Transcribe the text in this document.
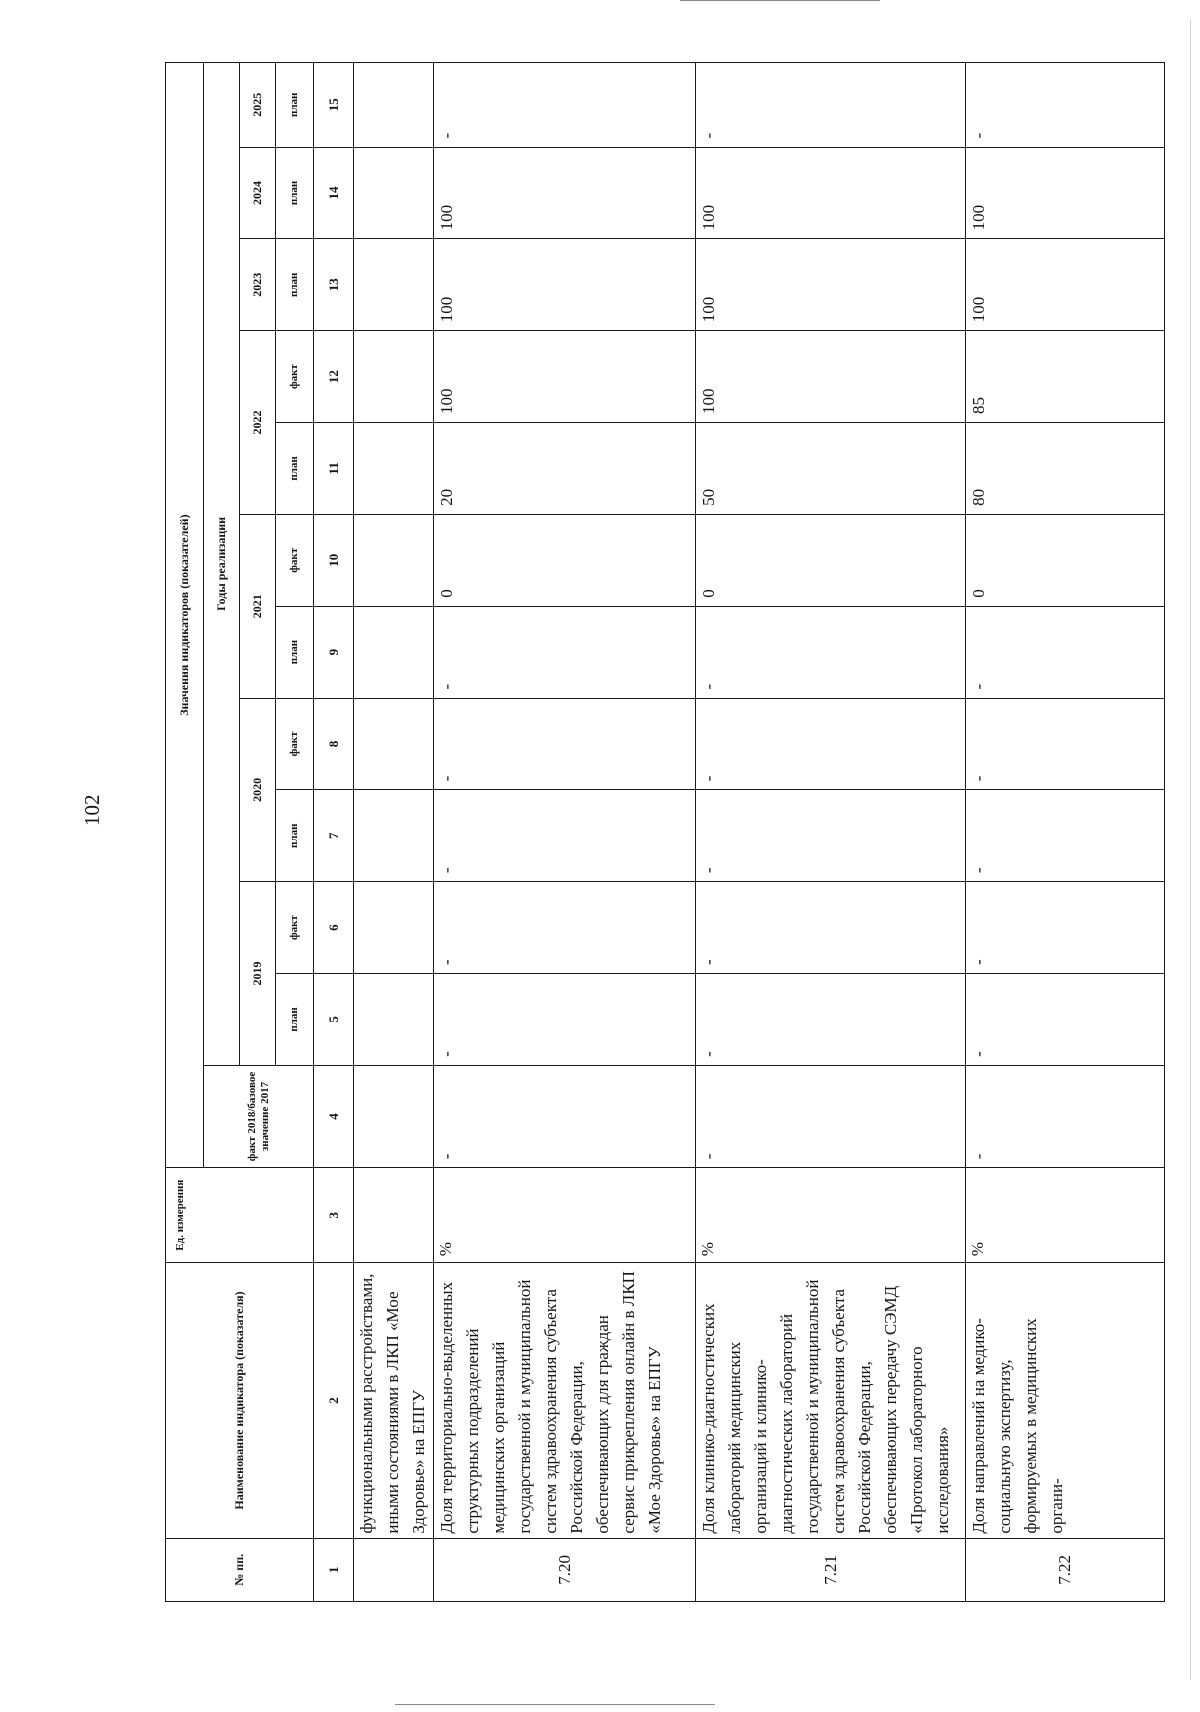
102
№ пп.	Наименование индикатора (показателя)	Ед. измерения	Значения индикаторов (показателей)											
			факт 2018/базовое значение 2017	Годы реализации										
				2019		2020		2021		2022		2023	2024	2025
				план	факт	план	факт	план	факт	план	факт	план	план	план
1	2	3	4	5	6	7	8	9	10	11	12	13	14	15
	функциональными расстройствами, иными состояниями в ЛКП «Мое Здоровье» на ЕПГУ													
7.20	Доля территориально-выделенных структурных подразделений медицинских организаций государственной и муниципальной систем здравоохранения субъекта Российской Федерации, обеспечивающих для граждан сервис прикрепления онлайн в ЛКП «Мое Здоровье» на ЕПГУ	%	-	-	-	-	-	-	0	20	100	100	100	-
7.21	Доля клинико-диагностических лабораторий медицинских организаций и клинико-диагностических лабораторий государственной и муниципальной систем здравоохранения субъекта Российской Федерации, обеспечивающих передачу СЭМД «Протокол лабораторного исследования»	%	-	-	-	-	-	-	0	50	100	100	100	-
7.22	Доля направлений на медико-социальную экспертизу, формируемых в медицинских органи-	%	-	-	-	-	-	-	0	80	85	100	100	-
